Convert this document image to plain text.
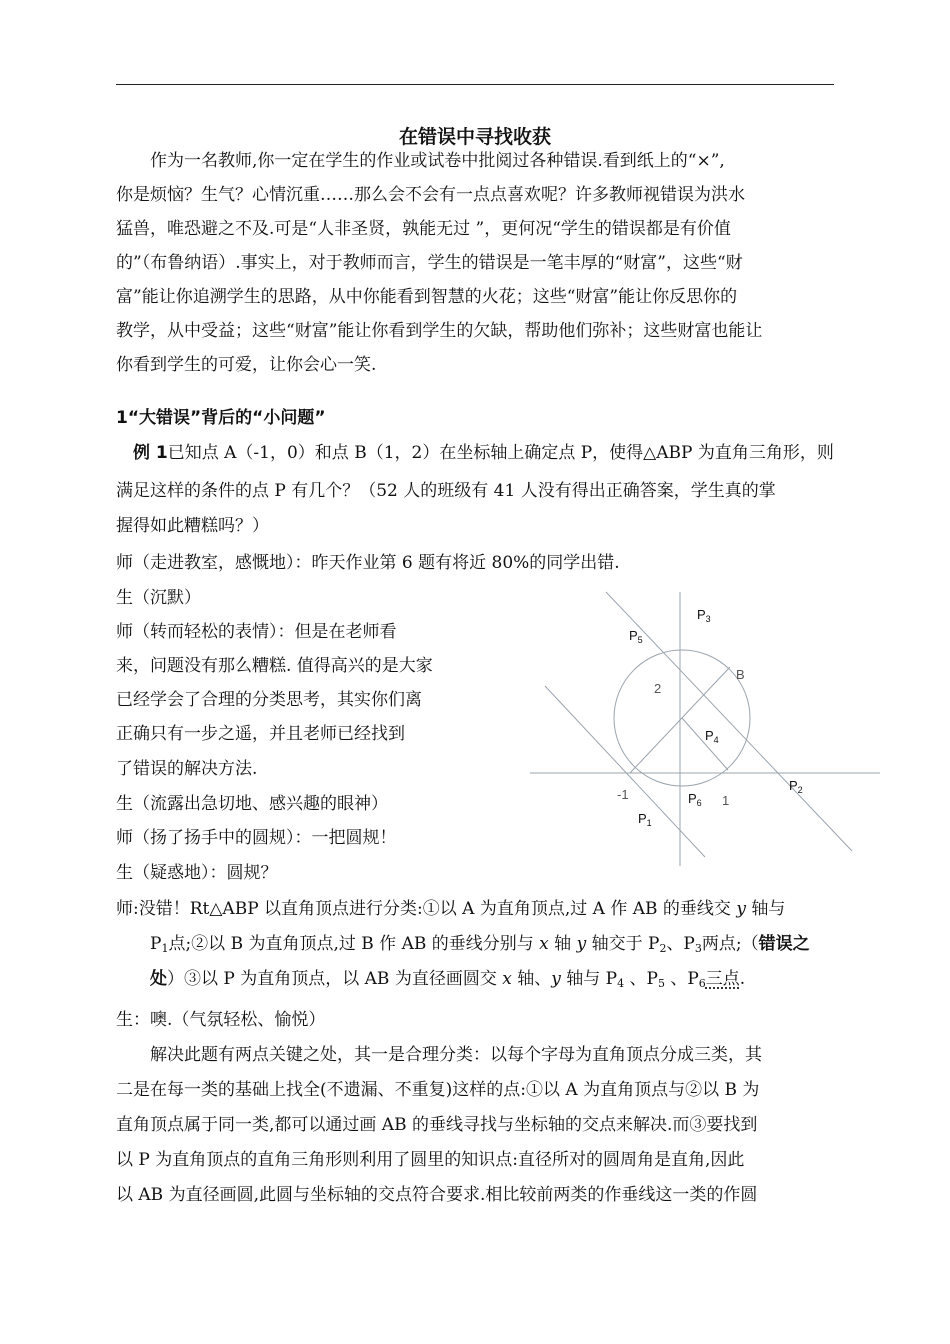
在错误中寻找收获
作为一名教师,你一定在学生的作业或试卷中批阅过各种错误.看到纸上的“×”,
你是烦恼？生气？心情沉重……那么会不会有一点点喜欢呢？许多教师视错误为洪水
猛兽，唯恐避之不及.可是“人非圣贤，孰能无过 ”，更何况“学生的错误都是有价值
的”（布鲁纳语）.事实上，对于教师而言，学生的错误是一笔丰厚的“财富”，这些“财
富”能让你追溯学生的思路，从中你能看到智慧的火花；这些“财富”能让你反思你的
教学，从中受益；这些“财富”能让你看到学生的欠缺，帮助他们弥补；这些财富也能让
你看到学生的可爱，让你会心一笑.
1“大错误”背后的“小问题”
例 1已知点 A（-1，0）和点 B（1，2）在坐标轴上确定点 P，使得△ABP 为直角三角形，则
满足这样的条件的点 P 有几个？（52 人的班级有 41 人没有得出正确答案，学生真的掌
握得如此糟糕吗？）
师（走进教室，感慨地）：昨天作业第 6 题有将近 80%的同学出错.
生（沉默）
师（转而轻松的表情）：但是在老师看
来，问题没有那么糟糕. 值得高兴的是大家
已经学会了合理的分类思考，其实你们离
正确只有一步之遥，并且老师已经找到
了错误的解决方法.
生（流露出急切地、感兴趣的眼神）
师（扬了扬手中的圆规）：一把圆规！
生（疑惑地）：圆规？
师:没错！Rt△ABP 以直角顶点进行分类:①以 A 为直角顶点,过 A 作 AB 的垂线交 y 轴与
$P_1$点;②以 B 为直角顶点,过 B 作 AB 的垂线分别与 x 轴 y 轴交于 $P_2$、$P_3$两点;（错误之
处）③以 P 为直角顶点，以 AB 为直径画圆交 x 轴、y 轴与 $P_4$ 、$P_5$ 、$P_6$三点.
生：噢.（气氛轻松、愉悦）
解决此题有两点关键之处，其一是合理分类：以每个字母为直角顶点分成三类，其
二是在每一类的基础上找全(不遗漏、不重复)这样的点:①以 A 为直角顶点与②以 B 为
直角顶点属于同一类,都可以通过画 AB 的垂线寻找与坐标轴的交点来解决.而③要找到
以 P 为直角顶点的直角三角形则利用了圆里的知识点:直径所对的圆周角是直角,因此
以 AB 为直径画圆,此圆与坐标轴的交点符合要求.相比较前两类的作垂线这一类的作圆
$P_3$
$P_5$
B
2
$P_4$
$P_2$
-1	$P_6$ 1
$P_1$
